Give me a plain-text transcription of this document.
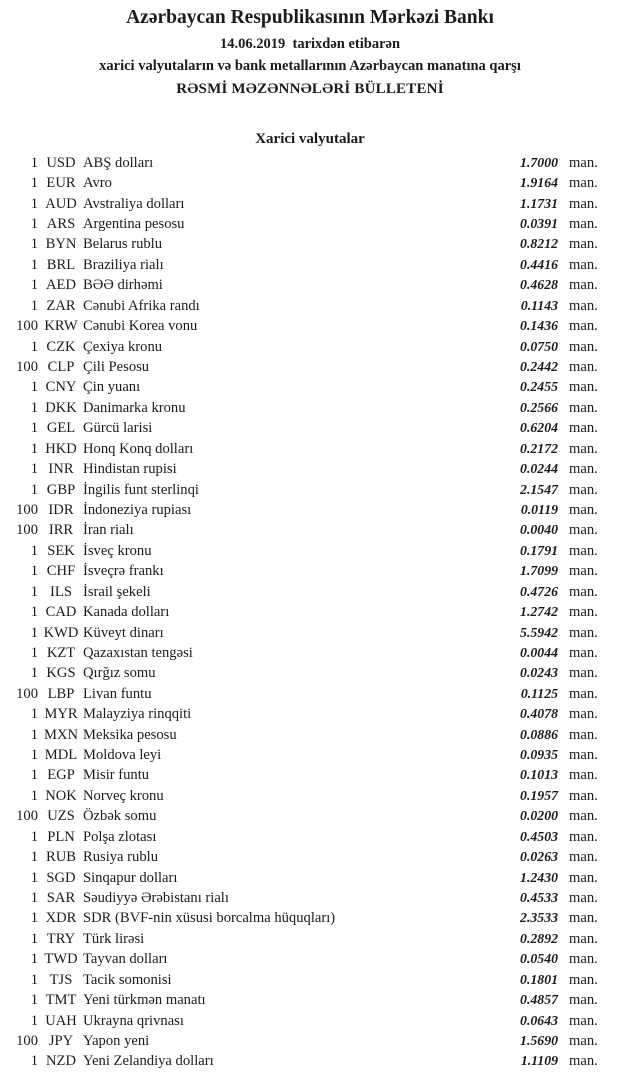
Azərbaycan Respublikasının Mərkəzi Bankı
14.06.2019  tarixdən etibarən
xarici valyutaların və bank metallarının Azərbaycan manatına qarşı
RƏSMİ MƏZƏNNƏLƏRİ BÜLLETENİ
Xarici valyutalar
1 USD ABŞ dolları	1.7000 man.
1 EUR Avro	1.9164 man.
1 AUD Avstraliya dolları	1.1731 man.
1 ARS Argentina pesosu	0.0391 man.
1 BYN Belarus rublu	0.8212 man.
1 BRL Braziliya rialı	0.4416 man.
1 AED BƏƏ dirhəmi	0.4628 man.
1 ZAR Cənubi Afrika randı	0.1143 man.
100 KRW Cənubi Korea vonu	0.1436 man.
1 CZK Çexiya kronu	0.0750 man.
100 CLP Çili Pesosu	0.2442 man.
1 CNY Çin yuanı	0.2455 man.
1 DKK Danimarka kronu	0.2566 man.
1 GEL Gürcü larisi	0.6204 man.
1 HKD Honq Konq dolları	0.2172 man.
1 INR Hindistan rupisi	0.0244 man.
1 GBP İngilis funt sterlinqi	2.1547 man.
100 IDR İndoneziya rupiası	0.0119 man.
100 IRR İran rialı	0.0040 man.
1 SEK İsveç kronu	0.1791 man.
1 CHF İsveçrə frankı	1.7099 man.
1 ILS İsrail şekeli	0.4726 man.
1 CAD Kanada dolları	1.2742 man.
1 KWD Küveyt dinarı	5.5942 man.
1 KZT Qazaxıstan tengəsi	0.0044 man.
1 KGS Qırğız somu	0.0243 man.
100 LBP Livan funtu	0.1125 man.
1 MYR Malayziya rinqqiti	0.4078 man.
1 MXN Meksika pesosu	0.0886 man.
1 MDL Moldova leyi	0.0935 man.
1 EGP Misir funtu	0.1013 man.
1 NOK Norveç kronu	0.1957 man.
100 UZS Özbək somu	0.0200 man.
1 PLN Polşa zlotası	0.4503 man.
1 RUB Rusiya rublu	0.0263 man.
1 SGD Sinqapur dolları	1.2430 man.
1 SAR Səudiyyə Ərəbistanı rialı	0.4533 man.
1 XDR SDR (BVF-nin xüsusi borcalma hüquqları)	2.3533 man.
1 TRY Türk lirəsi	0.2892 man.
1 TWD Tayvan dolları	0.0540 man.
1 TJS Tacik somonisi	0.1801 man.
1 TMT Yeni türkmən manatı	0.4857 man.
1 UAH Ukrayna qrivnası	0.0643 man.
100 JPY Yapon yeni	1.5690 man.
1 NZD Yeni Zelandiya dolları	1.1109 man.
